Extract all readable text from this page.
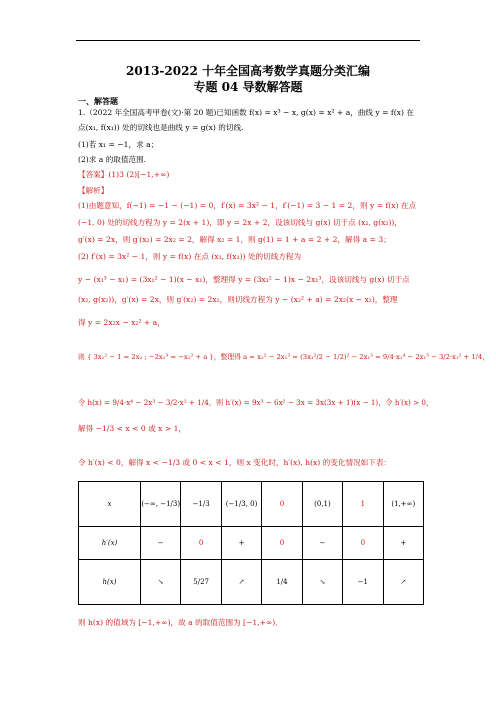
2013-2022 十年全国高考数学真题分类汇编
专题 04 导数解答题
一、解答题
1.（2022 年全国高考甲卷(文)·第 20 题)已知函数 f(x) = x³ − x, g(x) = x² + a，曲线 y = f(x) 在
点(x₁, f(x₁)) 处的切线也是曲线 y = g(x) 的切线.
(1)若 x₁ = −1，求 a；
(2)求 a 的取值范围.
【答案】(1)3 (2)[−1,+∞)
【解析】
(1)由题意知，f(−1) = −1 − (−1) = 0，f′(x) = 3x² − 1，f′(−1) = 3 − 1 = 2，则 y = f(x) 在点
(−1, 0) 处的切线方程为 y = 2(x + 1)，即 y = 2x + 2，设该切线与 g(x) 切于点 (x₂, g(x₂))，
g′(x) = 2x，则 g′(x₂) = 2x₂ = 2，解得 x₂ = 1，则 g(1) = 1 + a = 2 + 2，解得 a = 3；
(2) f′(x) = 3x² − 1，则 y = f(x) 在点 (x₁, f(x₁)) 处的切线方程为
y − (x₁³ − x₁) = (3x₁² − 1)(x − x₁)，整理得 y = (3x₁² − 1)x − 2x₁³，设该切线与 g(x) 切于点
(x₂, g(x₂))，g′(x) = 2x，则 g′(x₂) = 2x₂，则切线方程为 y − (x₂² + a) = 2x₂(x − x₂)，整理
得 y = 2x₂x − x₂² + a，
则 { 3x₁² − 1 = 2x₂ ; −2x₁³ = −x₂² + a }，整理得 a = x₂² − 2x₁³ = (3x₁²/2 − 1/2)² − 2x₁³ = 9/4·x₁⁴ − 2x₁³ − 3/2·x₁² + 1/4，
令 h(x) = 9/4·x⁴ − 2x³ − 3/2·x² + 1/4，则 h′(x) = 9x³ − 6x² − 3x = 3x(3x + 1)(x − 1)，令 h′(x) > 0，
解得 −1/3 < x < 0 或 x > 1，
令 h′(x) < 0，解得 x < −1/3 或 0 < x < 1，则 x 变化时，h′(x), h(x) 的变化情况如下表：
x	(−∞, −1/3)	−1/3	(−1/3, 0)	0	(0,1)	1	(1,+∞)
h′(x)	−	0	+	0	−	0	+
h(x)	↘	5/27	↗	1/4	↘	−1	↗
则 h(x) 的值域为 [−1,+∞)，故 a 的取值范围为 [−1,+∞)．
